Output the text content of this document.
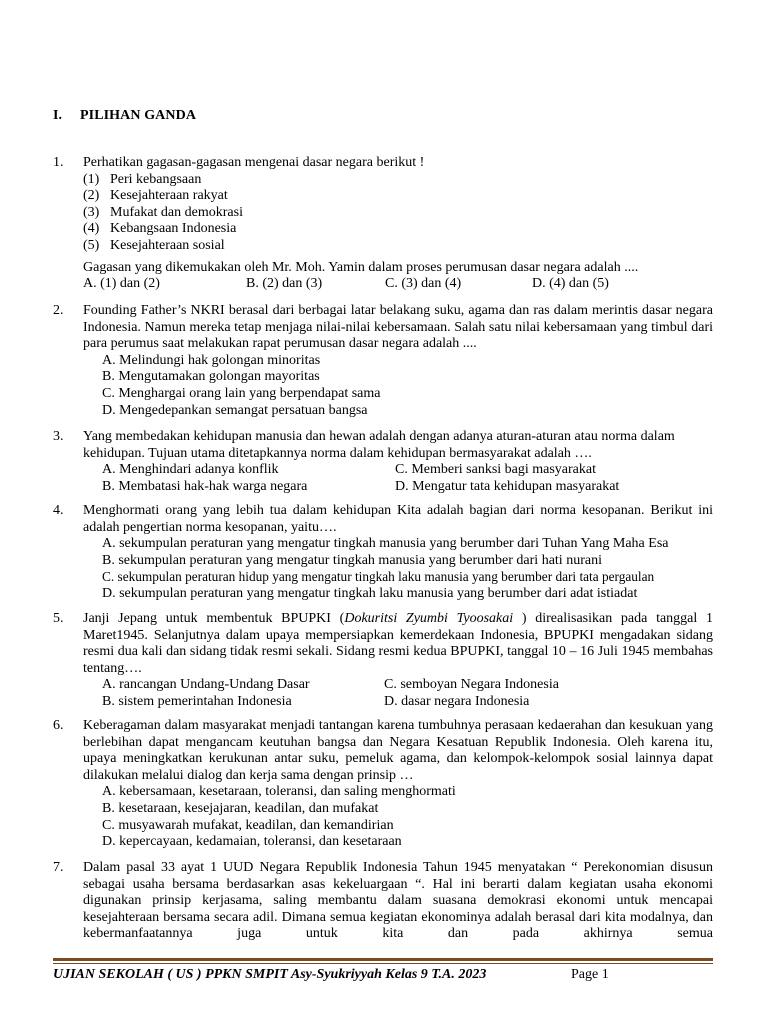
I. PILIHAN GANDA
1.	Perhatikan gagasan-gagasan mengenai dasar negara berikut !
(1) Peri kebangsaan
(2) Kesejahteraan rakyat
(3) Mufakat dan demokrasi
(4) Kebangsaan Indonesia
(5) Kesejahteraan sosial
Gagasan yang dikemukakan oleh Mr. Moh. Yamin dalam proses perumusan dasar negara adalah ....
A. (1) dan (2)	B. (2) dan (3)	C. (3) dan (4)	D. (4) dan (5)
2.	Founding Father’s NKRI berasal dari berbagai latar belakang suku, agama dan ras dalam merintis dasar negara Indonesia. Namun mereka tetap menjaga nilai-nilai kebersamaan. Salah satu nilai kebersamaan yang timbul dari para perumus saat melakukan rapat perumusan dasar negara adalah ....
A. Melindungi hak golongan minoritas
B. Mengutamakan golongan mayoritas
C. Menghargai orang lain yang berpendapat sama
D. Mengedepankan semangat persatuan bangsa
3.	Yang membedakan kehidupan manusia dan hewan adalah dengan adanya aturan-aturan atau norma dalam kehidupan. Tujuan utama ditetapkannya norma dalam kehidupan bermasyarakat adalah ….
A. Menghindari adanya konflik	C. Memberi sanksi bagi masyarakat
B. Membatasi hak-hak warga negara	D. Mengatur tata kehidupan masyarakat
4.	Menghormati orang yang lebih tua dalam kehidupan Kita adalah bagian dari norma kesopanan. Berikut ini adalah pengertian norma kesopanan, yaitu….
A. sekumpulan peraturan yang mengatur tingkah manusia yang berumber dari Tuhan Yang Maha Esa
B. sekumpulan peraturan yang mengatur tingkah manusia yang berumber dari hati nurani
C. sekumpulan peraturan hidup yang mengatur tingkah laku manusia yang berumber dari tata pergaulan
D. sekumpulan peraturan yang mengatur tingkah laku manusia yang berumber dari adat istiadat
5.	Janji Jepang untuk membentuk BPUPKI (Dokuritsi Zyumbi Tyoosakai ) direalisasikan pada tanggal 1 Maret1945. Selanjutnya dalam upaya mempersiapkan kemerdekaan Indonesia, BPUPKI mengadakan sidang resmi dua kali dan sidang tidak resmi sekali. Sidang resmi kedua BPUPKI, tanggal 10 – 16 Juli 1945 membahas tentang….
A. rancangan Undang-Undang Dasar	C. semboyan Negara Indonesia
B. sistem pemerintahan Indonesia	D. dasar negara Indonesia
6.	Keberagaman dalam masyarakat menjadi tantangan karena tumbuhnya perasaan kedaerahan dan kesukuan yang berlebihan dapat mengancam keutuhan bangsa dan Negara Kesatuan Republik Indonesia. Oleh karena itu, upaya meningkatkan kerukunan antar suku, pemeluk agama, dan kelompok-kelompok sosial lainnya dapat dilakukan melalui dialog dan kerja sama dengan prinsip …
A. kebersamaan, kesetaraan, toleransi, dan saling menghormati
B. kesetaraan, kesejajaran, keadilan, dan mufakat
C. musyawarah mufakat, keadilan, dan kemandirian
D. kepercayaan, kedamaian, toleransi, dan kesetaraan
7.	Dalam pasal 33 ayat 1 UUD Negara Republik Indonesia Tahun 1945 menyatakan “ Perekonomian disusun sebagai usaha bersama berdasarkan asas kekeluargaan “. Hal ini berarti dalam kegiatan usaha ekonomi digunakan prinsip kerjasama, saling membantu dalam suasana demokrasi ekonomi untuk mencapai kesejahteraan bersama secara adil. Dimana semua kegiatan ekonominya adalah berasal dari kita modalnya, dan kebermanfaatannya juga untuk kita dan pada akhirnya semua
UJIAN SEKOLAH ( US ) PPKN SMPIT Asy-Syukriyyah Kelas 9 T.A. 2023	Page 1
